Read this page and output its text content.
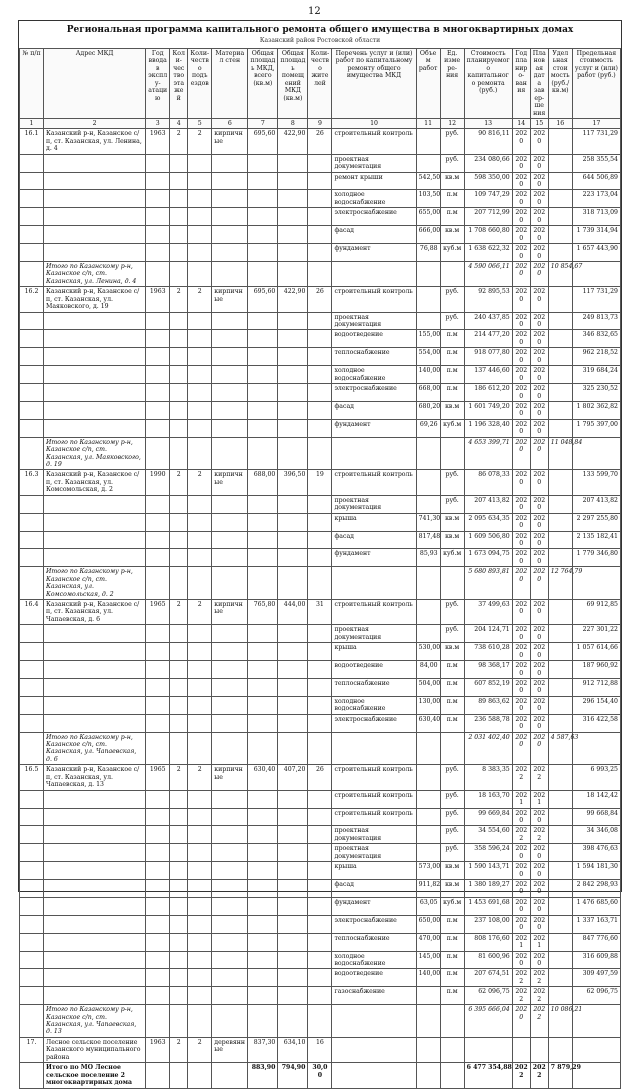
12
Региональная программа капитального ремонта общего имущества в многоквартирных домах
Казанский район Ростовской области
№ п/п	Адрес МКД	Год ввода в эксплу- атацию	Коли- чество этажей	Коли- чество подъездов	Материал стен	Общая площадь МКД, всего (кв.м)	Общая площадь помещений МКД (кв.м)	Коли- чество жителей	Перечень услуг и (или) работ по капитальному ремонту общего имущества МКД	Объем работ	Ед. измере- ния	Стоимость планируемого капитального ремонта (руб.)	Год планиро- вания	Плановая дата завер- шения	Удельная стоимость (руб./кв.м)	Предельная стоимость услуг и (или) работ (руб.)
1	2	3	4	5	6	7	8	9	10	11	12	13	14	15	16	17
16.1	Казанский р-н, Казанское с/п, ст. Казанская, ул. Ленина, д. 4	1963	2	2	кирпичные	695,60	422,90	26	строительный контроль		руб.	90 816,11	2020	2020		117 731,29
									проектная документация		руб.	234 080,66	2020	2020		258 355,54
									ремонт крыши	542,50	кв.м	598 350,00	2020	2020		644 506,89
									холодное водоснабжение	103,50	п.м	109 747,29	2020	2020		223 173,04
									электроснабжение	655,00	п.м	207 712,99	2020	2020		318 713,09
									фасад	666,00	кв.м	1 708 660,80	2020	2020		1 739 314,94
									фундамент	76,88	куб.м	1 638 622,32	2020	2020		1 657 443,90
	Итого по Казанскому р-н, Казанское с/п, ст. Казанская, ул. Ленина, д. 4											4 590 066,11	2020	2020	10 854,67	
16.2	Казанский р-н, Казанское с/п, ст. Казанская, ул. Маяковского, д. 19	1963	2	2	кирпичные	695,60	422,90	26	строительный контроль		руб.	92 895,53	2020	2020		117 731,29
									проектная документация		руб.	240 437,85	2020	2020		249 813,73
									водоотведение	155,00	п.м	214 477,20	2020	2020		346 832,65
									теплоснабжение	554,00	п.м	918 077,80	2020	2020		962 218,52
									холодное водоснабжение	140,00	п.м	137 446,60	2020	2020		319 684,24
									электроснабжение	668,00	п.м	186 612,20	2020	2020		325 230,52
									фасад	680,20	кв.м	1 601 749,20	2020	2020		1 802 362,82
									фундамент	69,26	куб.м	1 196 328,40	2020	2020		1 795 397,00
	Итого по Казанскому р-н, Казанское с/п, ст. Казанская, ул. Маяковского, д. 19											4 653 399,71	2020	2020	11 048,84	
16.3	Казанский р-н, Казанское с/п, ст. Казанская, ул. Комсомольская, д. 2	1990	2	2	кирпичные	688,00	396,50	19	строительный контроль		руб.	86 078,33	2020	2020		133 599,70
									проектная документация		руб.	207 413,82	2020	2020		207 413,82
									крыша	741,30	кв.м	2 095 634,35	2020	2020		2 297 255,80
									фасад	817,48	кв.м	1 609 506,80	2020	2020		2 135 182,41
									фундамент	85,93	куб.м	1 673 094,75	2020	2020		1 779 346,80
	Итого по Казанскому р-н, Казанское с/п, ст. Казанская, ул. Комсомольская, д. 2											5 680 893,81	2020	2020	12 764,79	
16.4	Казанский р-н, Казанское с/п, ст. Казанская, ул. Чапаевская, д. 6	1965	2	2	кирпичные	765,80	444,00	31	строительный контроль		руб.	37 499,63	2020	2020		69 912,85
									проектная документация		руб.	204 124,71	2020	2020		227 301,22
									крыша	530,00	кв.м	738 610,28	2020	2020		1 057 614,66
									водоотведение	84,00	п.м	98 368,17	2020	2020		187 960,92
									теплоснабжение	504,00	п.м	607 852,19	2020	2020		912 712,88
									холодное водоснабжение	130,00	п.м	89 863,62	2020	2020		296 154,40
									электроснабжение	630,40	п.м	236 588,78	2020	2020		316 422,58
	Итого по Казанскому р-н, Казанское с/п, ст. Казанская, ул. Чапаевская, д. 6											2 031 402,40	2020	2020	4 587,63	
16.5	Казанский р-н, Казанское с/п, ст. Казанская, ул. Чапаевская, д. 13	1965	2	2	кирпичные	630,40	407,20	26	строительный контроль		руб.	8 383,35	2022	2022		6 993,25
									строительный контроль		руб.	18 163,70	2021	2021		18 142,42
									строительный контроль		руб.	99 669,84	2020	2020		99 668,84
									проектная документация		руб.	34 554,60	2022	2022		34 346,08
									проектная документация		руб.	358 596,24	2020	2020		398 476,63
									крыша	573,00	кв.м	1 590 143,71	2020	2020		1 594 181,30
									фасад	911,82	кв.м	1 380 189,27	2020	2020		2 842 298,93
									фундамент	63,05	куб.м	1 453 691,68	2020	2020		1 476 685,60
									электроснабжение	650,00	п.м	237 108,00	2020	2020		1 337 163,71
									теплоснабжение	470,00	п.м	808 176,60	2021	2021		847 776,60
									холодное водоснабжение	145,00	п.м	81 600,96	2020	2020		316 609,88
									водоотведение	140,00	п.м	207 674,51	2022	2022		309 497,59
									газоснабжение		п.м	62 096,75	2022	2022		62 096,75
	Итого по Казанскому р-н, Казанское с/п, ст. Казанская, ул. Чапаевская, д. 13											6 395 666,04	2020	2022	10 086,21	
17.	Лесное сельское поселение Казанского муниципального района	1963	2	2	деревянные	837,30	634,10	16								
	Итого по МО Лесное сельское поселение 2 многоквартирных дома					883,90	794,90	30,00				6 477 354,88	2022	2022	7 879,29	
